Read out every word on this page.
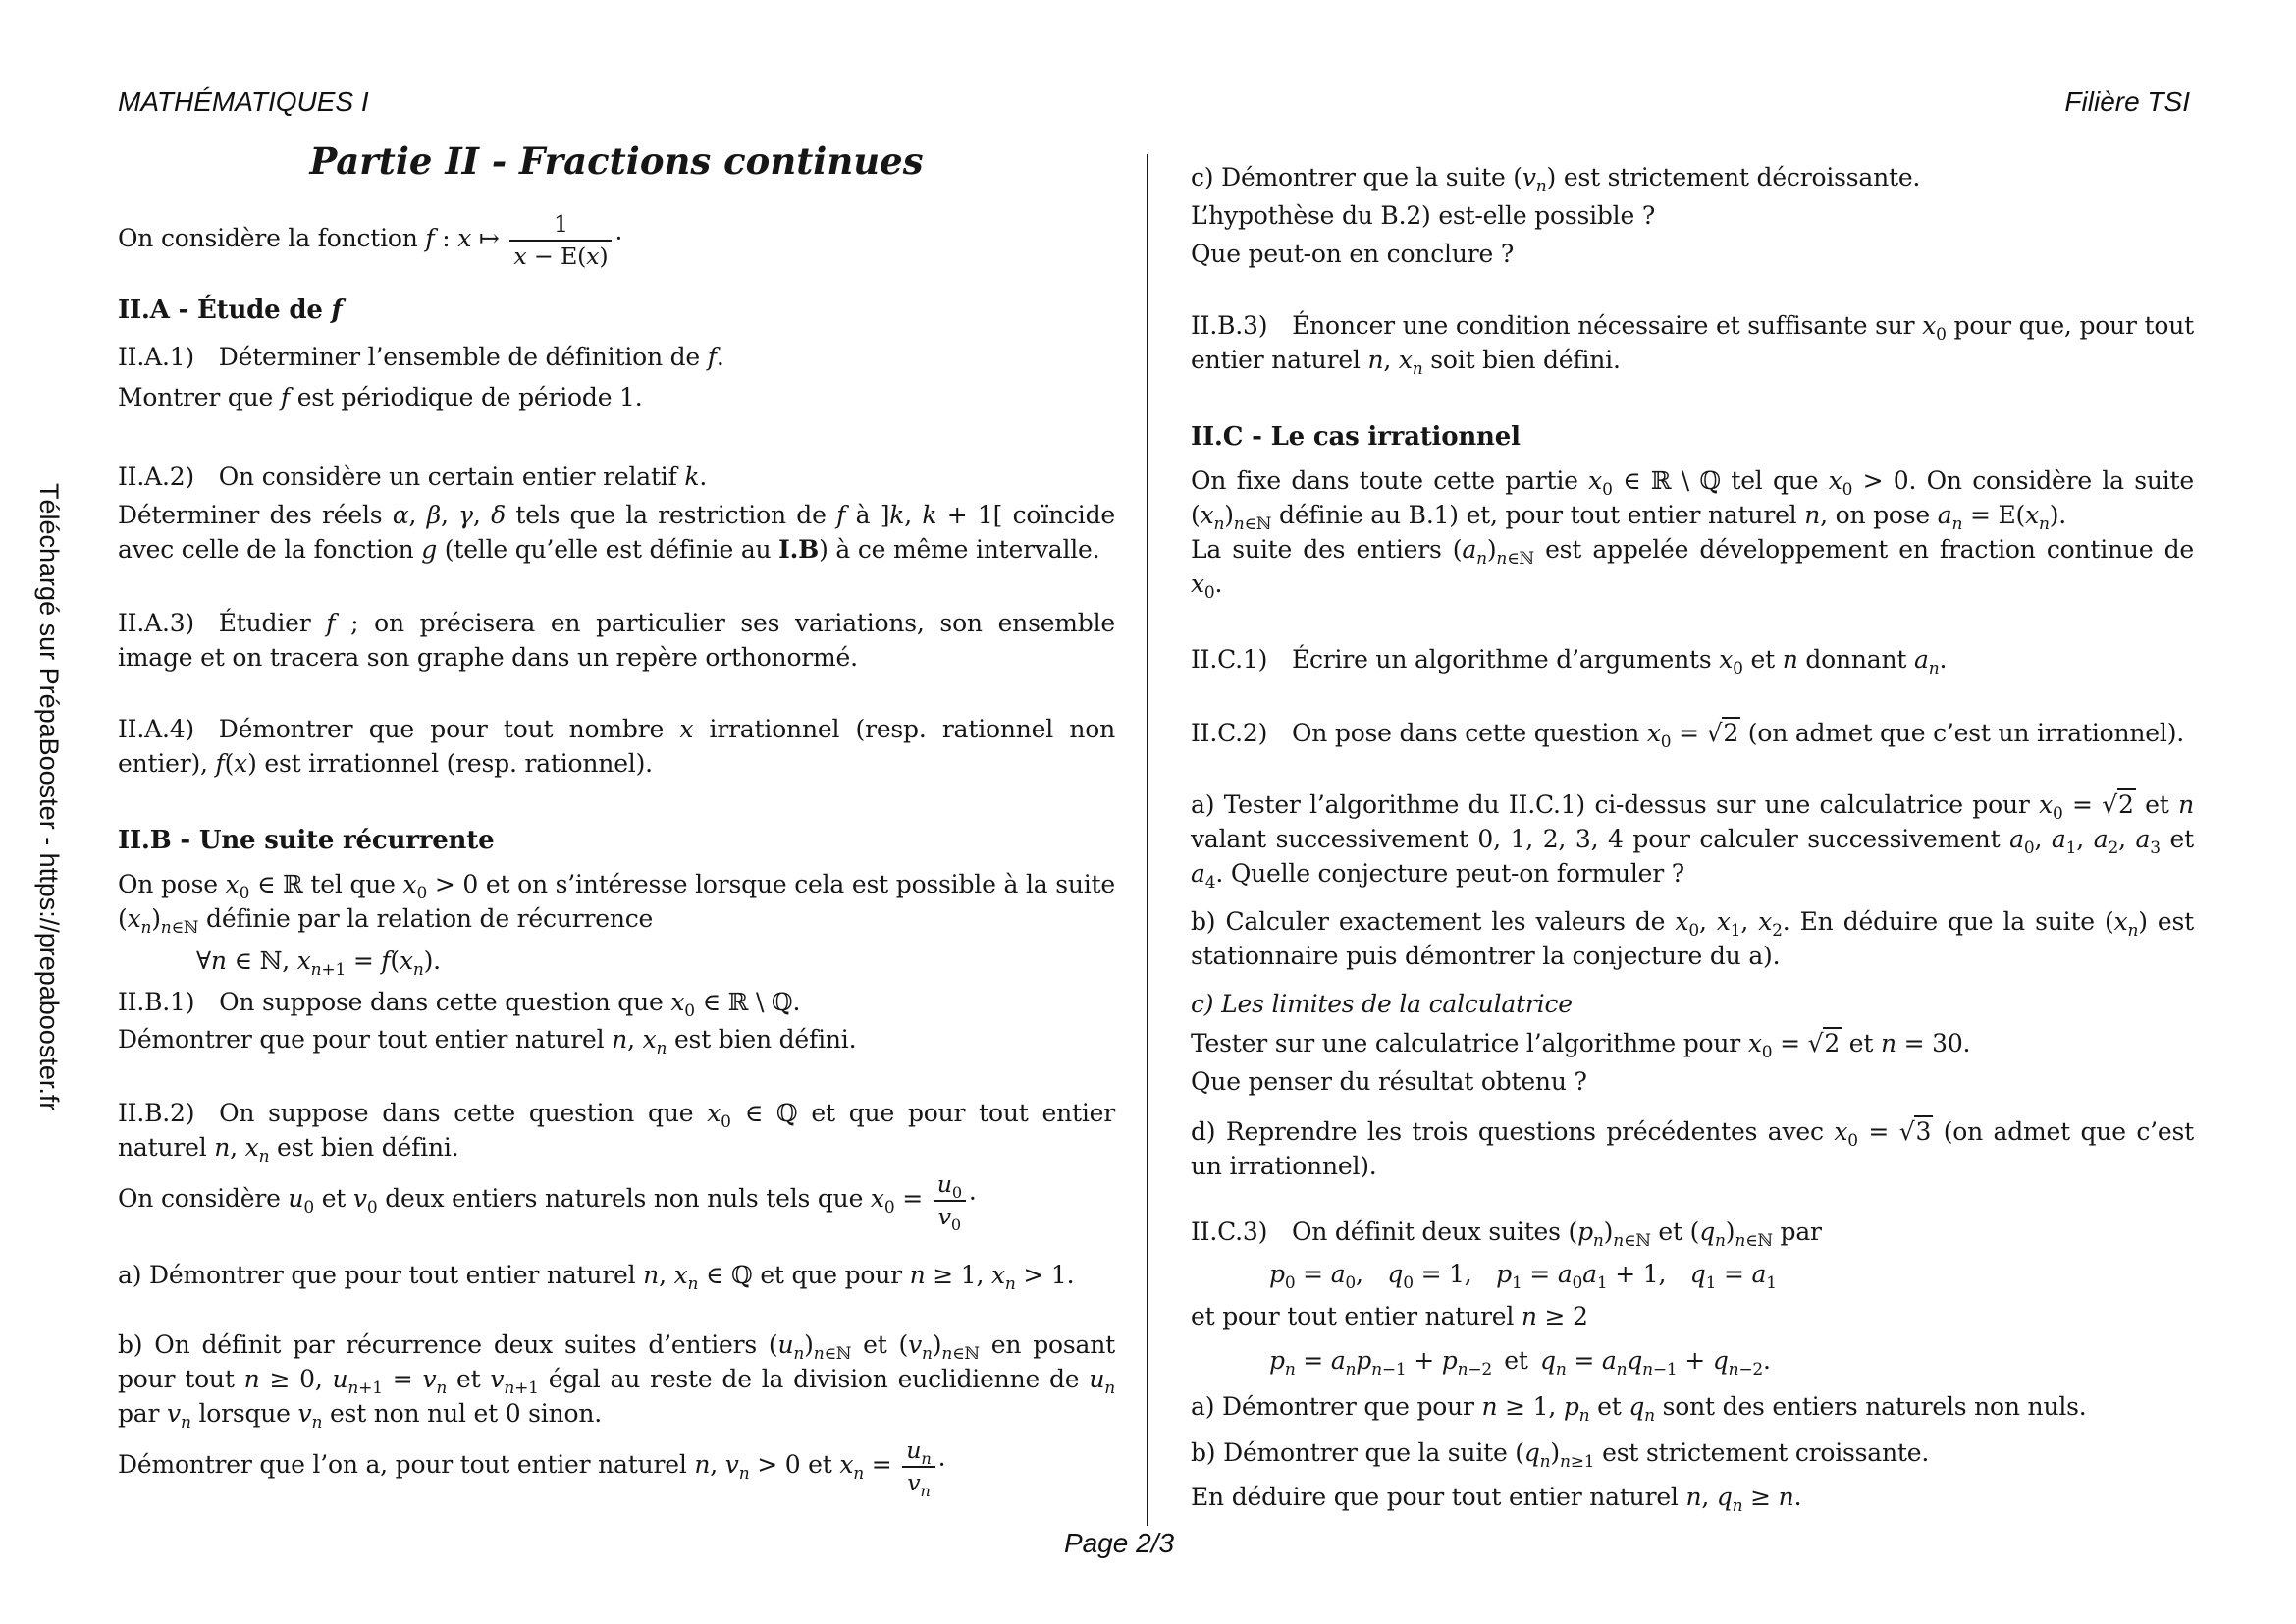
MATHÉMATIQUES I	Filière TSI
Téléchargé sur PrépaBooster - https://prepabooster.fr
Partie II - Fractions continues
On considère la fonction f : x ↦ $\frac{1}{x - E(x)}$ ·
II.A - Étude de f
II.A.1) Déterminer l’ensemble de définition de f.
Montrer que f est périodique de période 1.
II.A.2) On considère un certain entier relatif k.
Déterminer des réels α, β, γ, δ tels que la restriction de f à ]k, k + 1[ coïncide avec celle de la fonction g (telle qu’elle est définie au I.B) à ce même intervalle.
II.A.3) Étudier f ; on précisera en particulier ses variations, son ensemble image et on tracera son graphe dans un repère orthonormé.
II.A.4) Démontrer que pour tout nombre x irrationnel (resp. rationnel non entier), f(x) est irrationnel (resp. rationnel).
II.B - Une suite récurrente
On pose $x_0$ ∈ ℝ tel que $x_0 > 0$ et on s’intéresse lorsque cela est possible à la suite $(x_n)_{n\in ℕ}$ définie par la relation de récurrence
∀n ∈ ℕ, $x_{n+1} = f(x_n)$.
II.B.1) On suppose dans cette question que $x_0$ ∈ ℝ \ ℚ.
Démontrer que pour tout entier naturel n, $x_n$ est bien défini.
II.B.2) On suppose dans cette question que $x_0$ ∈ ℚ et que pour tout entier naturel n, $x_n$ est bien défini.
On considère $u_0$ et $v_0$ deux entiers naturels non nuls tels que $x_0 = \frac{u_0}{v_0}$ ·
a) Démontrer que pour tout entier naturel n, $x_n$ ∈ ℚ et que pour n ≥ 1, $x_n > 1$.
b) On définit par récurrence deux suites d’entiers $(u_n)_{n\in ℕ}$ et $(v_n)_{n\in ℕ}$ en posant pour tout n ≥ 0, $u_{n+1} = v_n$ et $v_{n+1}$ égal au reste de la division euclidienne de $u_n$ par $v_n$ lorsque $v_n$ est non nul et 0 sinon.
Démontrer que l’on a, pour tout entier naturel n, $v_n > 0$ et $x_n = \frac{u_n}{v_n}$ ·
c) Démontrer que la suite $(v_n)$ est strictement décroissante.
L’hypothèse du B.2) est-elle possible ?
Que peut-on en conclure ?
II.B.3) Énoncer une condition nécessaire et suffisante sur $x_0$ pour que, pour tout entier naturel n, $x_n$ soit bien défini.
II.C - Le cas irrationnel
On fixe dans toute cette partie $x_0$ ∈ ℝ \ ℚ tel que $x_0 > 0$. On considère la suite $(x_n)_{n\in ℕ}$ définie au B.1) et, pour tout entier naturel n, on pose $a_n = E(x_n)$.
La suite des entiers $(a_n)_{n\in ℕ}$ est appelée développement en fraction continue de $x_0$.
II.C.1) Écrire un algorithme d’arguments $x_0$ et n donnant $a_n$.
II.C.2) On pose dans cette question $x_0 = √2$ (on admet que c’est un irrationnel).
a) Tester l’algorithme du II.C.1) ci-dessus sur une calculatrice pour $x_0 = √2$ et n valant successivement 0, 1, 2, 3, 4 pour calculer successivement $a_0$, $a_1$, $a_2$, $a_3$ et $a_4$. Quelle conjecture peut-on formuler ?
b) Calculer exactement les valeurs de $x_0$, $x_1$, $x_2$. En déduire que la suite $(x_n)$ est stationnaire puis démontrer la conjecture du a).
c) Les limites de la calculatrice
Tester sur une calculatrice l’algorithme pour $x_0 = √2$ et n = 30.
Que penser du résultat obtenu ?
d) Reprendre les trois questions précédentes avec $x_0 = √3$ (on admet que c’est un irrationnel).
II.C.3) On définit deux suites $(p_n)_{n\in ℕ}$ et $(q_n)_{n\in ℕ}$ par
$p_0 = a_0$,  $q_0 = 1$,  $p_1 = a_0a_1 + 1$,  $q_1 = a_1$
et pour tout entier naturel n ≥ 2
$p_n = a_np_{n-1} + p_{n-2}$ et $q_n = a_nq_{n-1} + q_{n-2}$.
a) Démontrer que pour n ≥ 1, $p_n$ et $q_n$ sont des entiers naturels non nuls.
b) Démontrer que la suite $(q_n)_{n\ge 1}$ est strictement croissante.
En déduire que pour tout entier naturel n, $q_n \ge n$.
Page 2/3
